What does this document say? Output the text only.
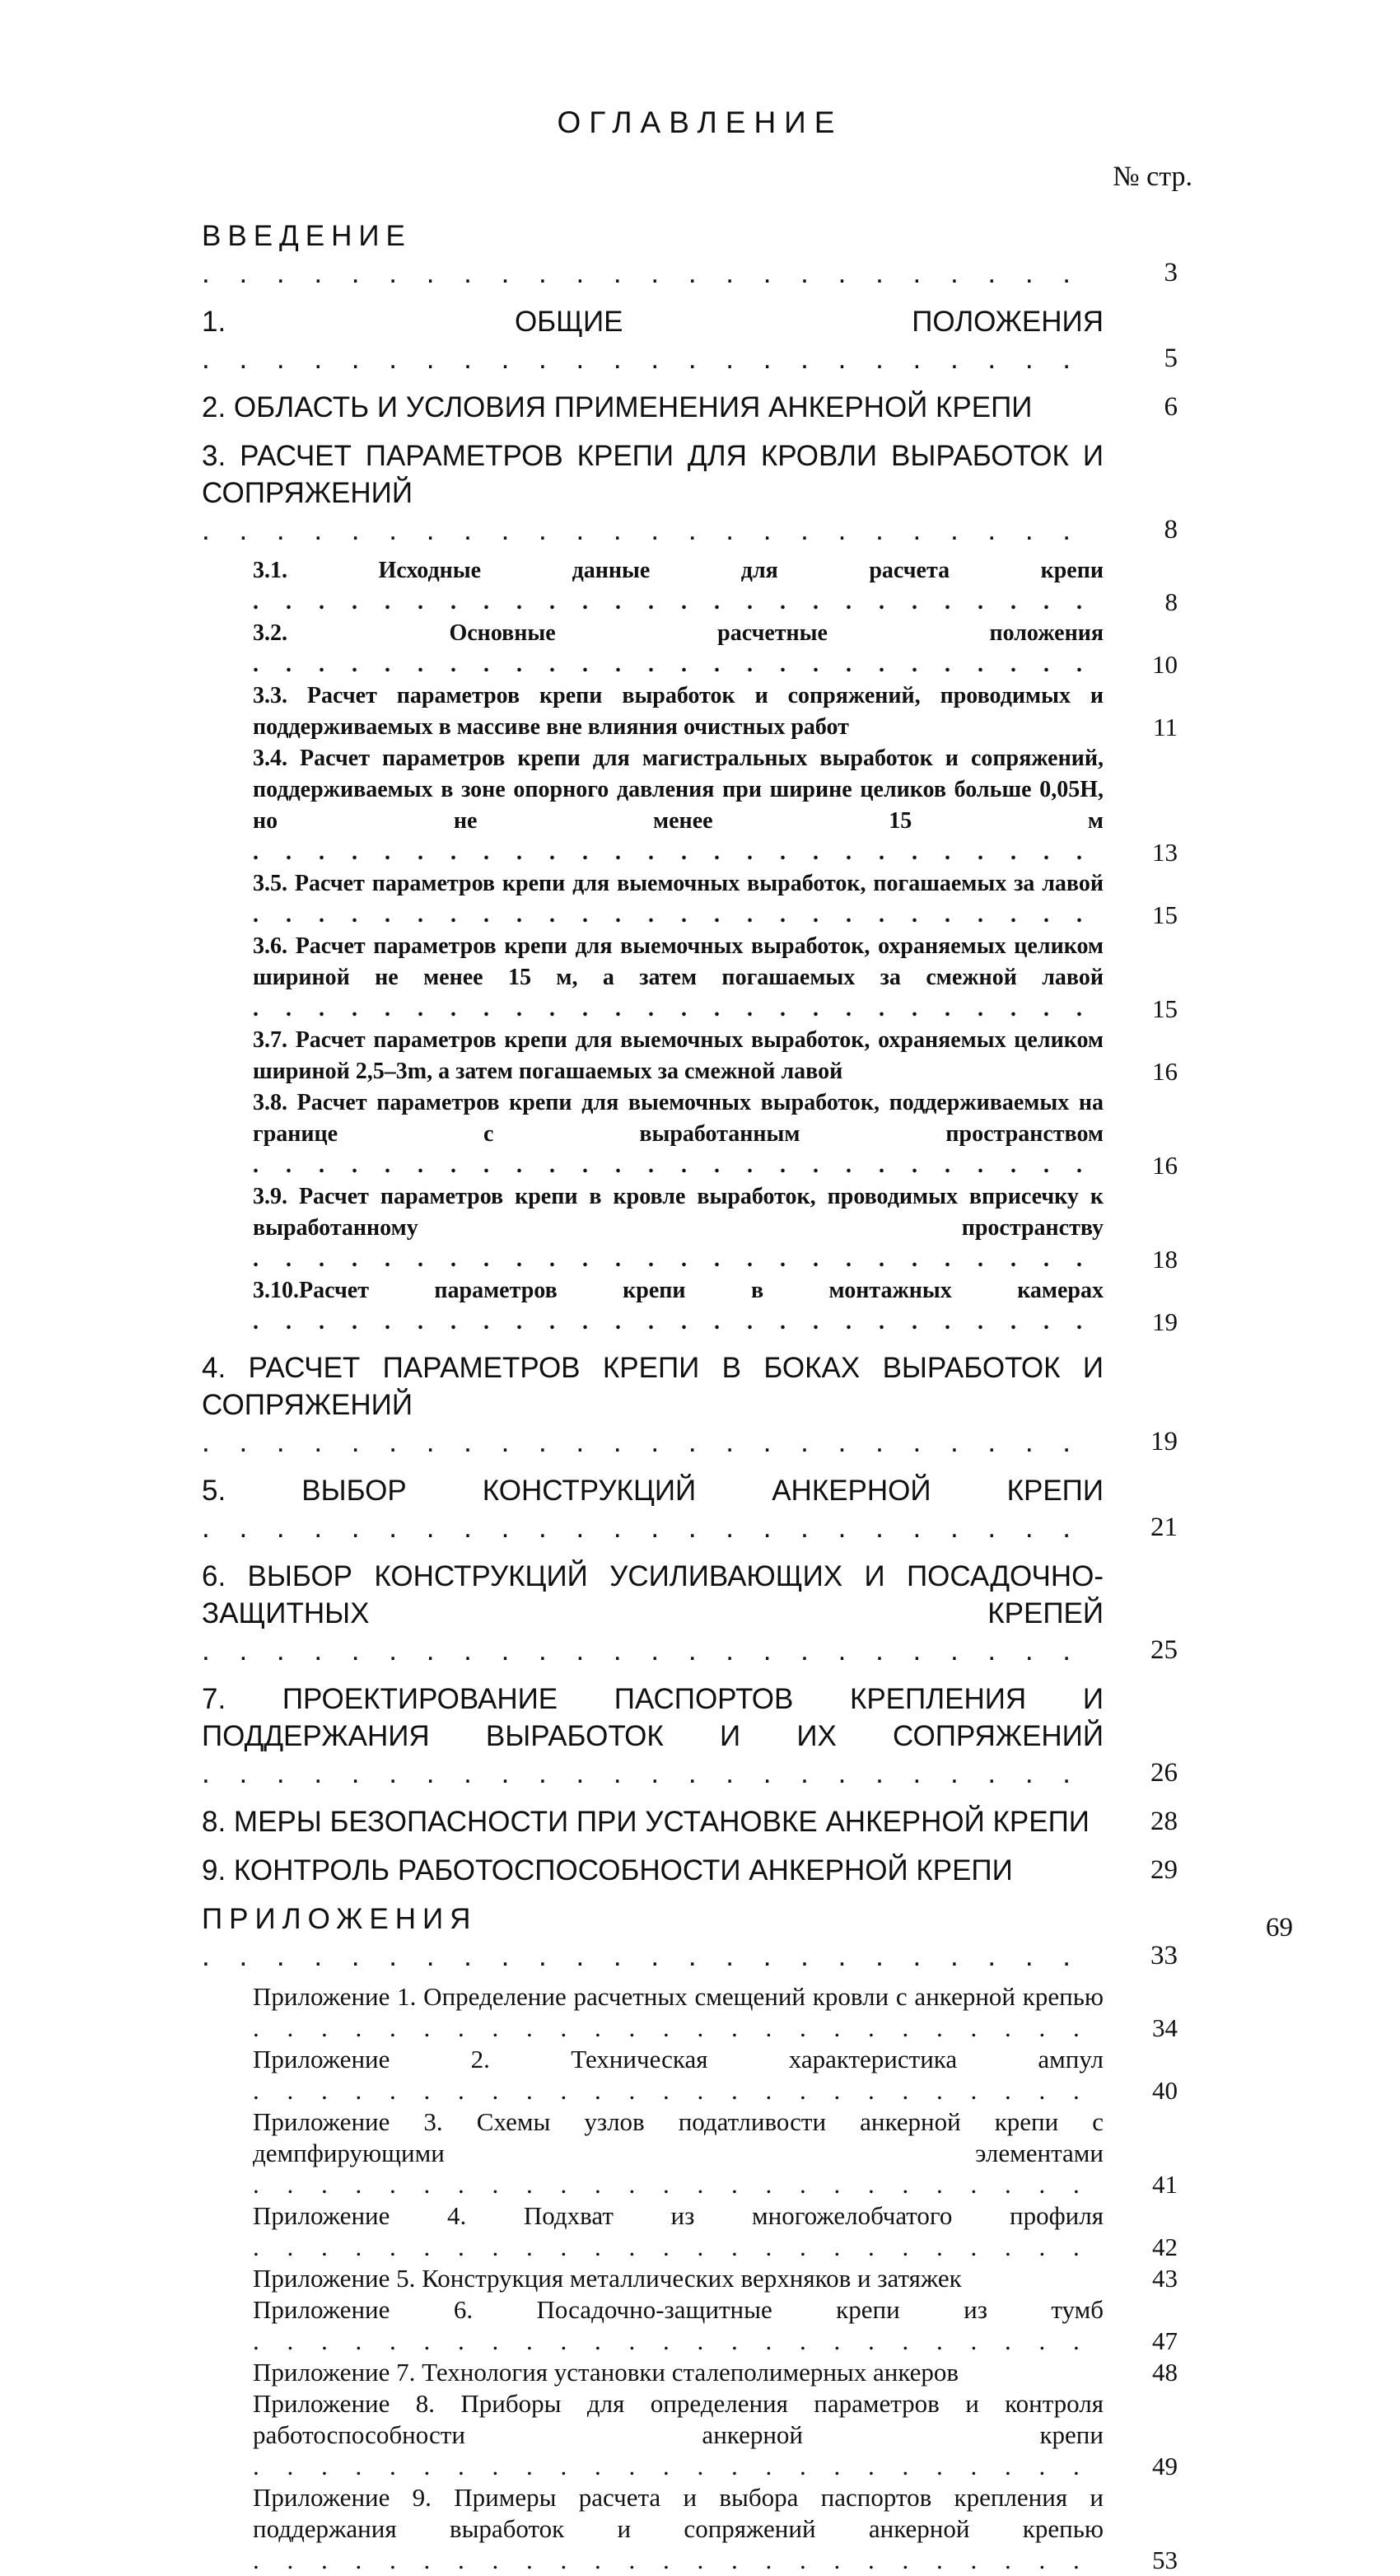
ОГЛАВЛЕНИЕ
№ стр.
ВВЕДЕНИЕ . . . . . . . . . . . . . . . . . . . . . . . .	3
1. ОБЩИЕ ПОЛОЖЕНИЯ . . . . . . . . . . . . . . . . . . . . . . . .	5
2. ОБЛАСТЬ И УСЛОВИЯ ПРИМЕНЕНИЯ АНКЕРНОЙ КРЕПИ	6
3. РАСЧЕТ ПАРАМЕТРОВ КРЕПИ ДЛЯ КРОВЛИ ВЫРАБОТОК И СОПРЯЖЕНИЙ . . . . . . . . . . . . . . . . . . . . . . . .	8
3.1. Исходные данные для расчета крепи . . . . . . . . . . . . . . . . . . . . . . . . . .	8
3.2. Основные расчетные положения . . . . . . . . . . . . . . . . . . . . . . . . . .	10
3.3. Расчет параметров крепи выработок и сопряжений, проводимых и поддерживаемых в массиве вне влияния очистных работ	11
3.4. Расчет параметров крепи для магистральных выработок и сопряжений, поддерживаемых в зоне опорного давления при ширине целиков больше 0,05H, но не менее 15 м . . . . . . . . . . . . . . . . . . . . . . . . . .	13
3.5. Расчет параметров крепи для выемочных выработок, погашаемых за лавой . . . . . . . . . . . . . . . . . . . . . . . . . .	15
3.6. Расчет параметров крепи для выемочных выработок, охраняемых целиком шириной не менее 15 м, а затем погашаемых за смежной лавой . . . . . . . . . . . . . . . . . . . . . . . . . .	15
3.7. Расчет параметров крепи для выемочных выработок, охраняемых целиком шириной 2,5–3m, а затем погашаемых за смежной лавой	16
3.8. Расчет параметров крепи для выемочных выработок, поддерживаемых на границе с выработанным пространством . . . . . . . . . . . . . . . . . . . . . . . . . .	16
3.9. Расчет параметров крепи в кровле выработок, проводимых вприсечку к выработанному пространству . . . . . . . . . . . . . . . . . . . . . . . . . .	18
3.10.Расчет параметров крепи в монтажных камерах . . . . . . . . . . . . . . . . . . . . . . . . . .	19
4. РАСЧЕТ ПАРАМЕТРОВ КРЕПИ В БОКАХ ВЫРАБОТОК И СОПРЯЖЕНИЙ . . . . . . . . . . . . . . . . . . . . . . . .	19
5. ВЫБОР КОНСТРУКЦИЙ АНКЕРНОЙ КРЕПИ . . . . . . . . . . . . . . . . . . . . . . . .	21
6. ВЫБОР КОНСТРУКЦИЙ УСИЛИВАЮЩИХ И ПОСАДОЧНО-ЗАЩИТНЫХ КРЕПЕЙ . . . . . . . . . . . . . . . . . . . . . . . .	25
7. ПРОЕКТИРОВАНИЕ ПАСПОРТОВ КРЕПЛЕНИЯ И ПОДДЕРЖАНИЯ ВЫРАБОТОК И ИХ СОПРЯЖЕНИЙ . . . . . . . . . . . . . . . . . . . . . . . .	26
8. МЕРЫ БЕЗОПАСНОСТИ ПРИ УСТАНОВКЕ АНКЕРНОЙ КРЕПИ	28
9. КОНТРОЛЬ РАБОТОСПОСОБНОСТИ АНКЕРНОЙ КРЕПИ	29
ПРИЛОЖЕНИЯ . . . . . . . . . . . . . . . . . . . . . . . .	33
Приложение 1. Определение расчетных смещений кровли с анкерной крепью . . . . . . . . . . . . . . . . . . . . . . . . .	34
Приложение 2. Техническая характеристика ампул . . . . . . . . . . . . . . . . . . . . . . . . .	40
Приложение 3. Схемы узлов податливости анкерной крепи с демпфирующими элементами . . . . . . . . . . . . . . . . . . . . . . . . .	41
Приложение 4. Подхват из многожелобчатого профиля . . . . . . . . . . . . . . . . . . . . . . . . .	42
Приложение 5. Конструкция металлических верхняков и затяжек	43
Приложение 6. Посадочно-защитные крепи из тумб . . . . . . . . . . . . . . . . . . . . . . . . .	47
Приложение 7. Технология установки сталеполимерных анкеров	48
Приложение 8. Приборы для определения параметров и контроля работоспособности анкерной крепи . . . . . . . . . . . . . . . . . . . . . . . . .	49
Приложение 9. Примеры расчета и выбора паспортов крепления и поддержания выработок и сопряжений анкерной крепью . . . . . . . . . . . . . . . . . . . . . . . . .	53
69
